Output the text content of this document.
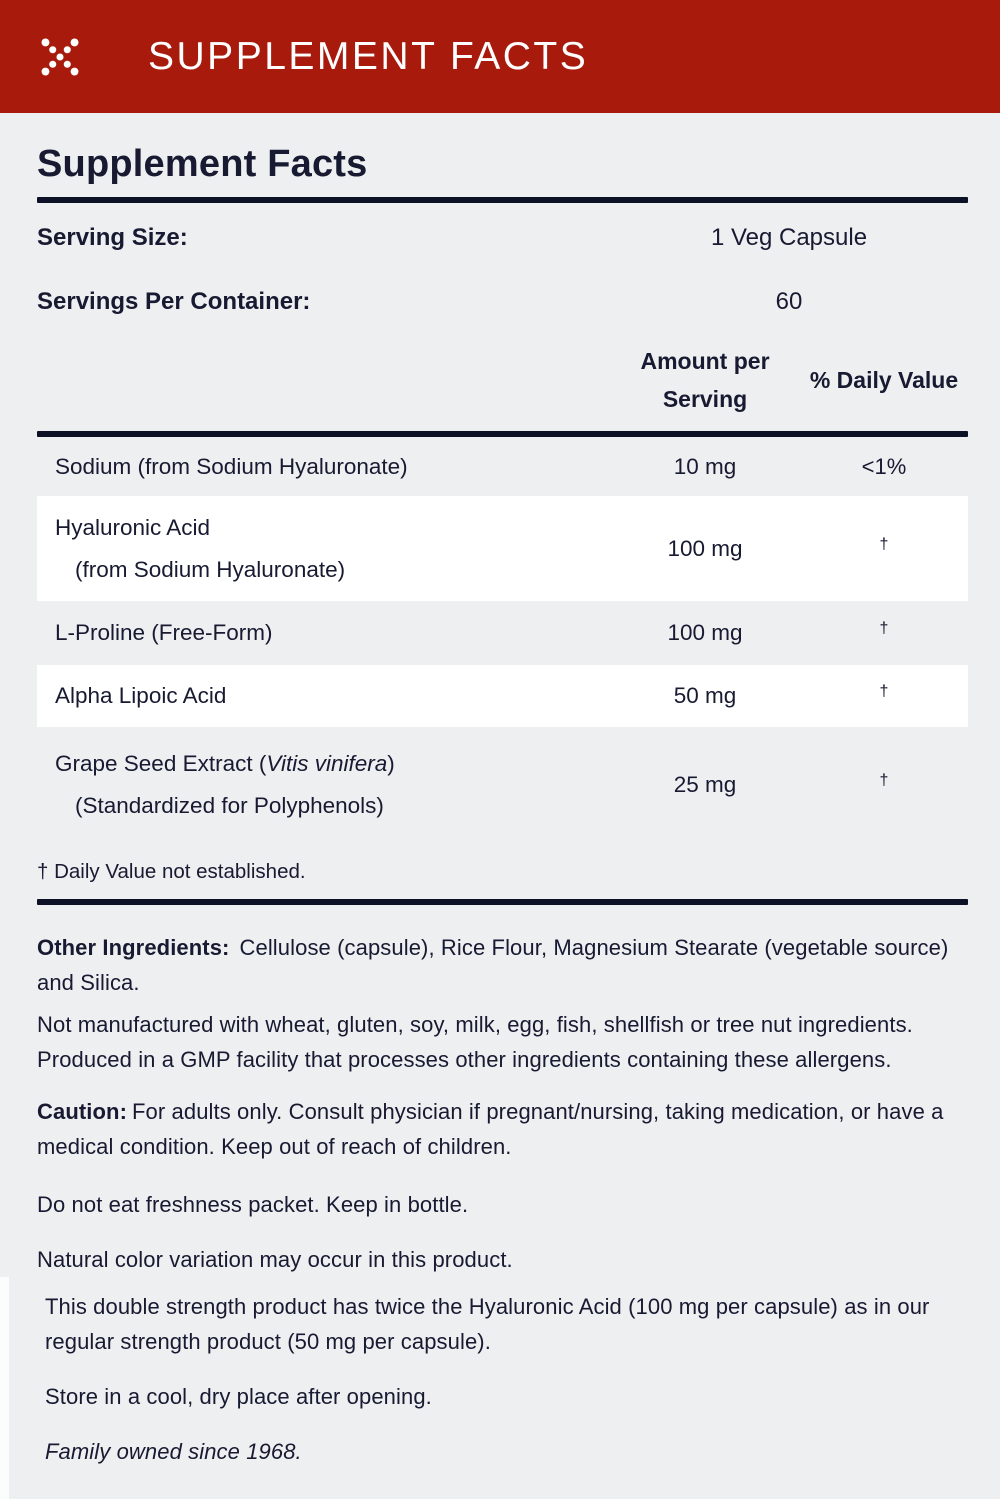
SUPPLEMENT FACTS
Supplement Facts
Serving Size:	1 Veg Capsule
Servings Per Container:	60
Amount per
Serving
% Daily Value
Sodium (from Sodium Hyaluronate)	10 mg	<1%
Hyaluronic Acid
(from Sodium Hyaluronate)
100 mg	†
L-Proline (Free-Form)	100 mg	†
Alpha Lipoic Acid	50 mg	†
Grape Seed Extract (Vitis vinifera)
(Standardized for Polyphenols)
25 mg	†
† Daily Value not established.

Other Ingredients: Cellulose (capsule), Rice Flour, Magnesium Stearate (vegetable source) and Silica.

Not manufactured with wheat, gluten, soy, milk, egg, fish, shellfish or tree nut ingredients. Produced in a GMP facility that processes other ingredients containing these allergens.

Caution: For adults only. Consult physician if pregnant/nursing, taking medication, or have a medical condition. Keep out of reach of children.

Do not eat freshness packet. Keep in bottle.

Natural color variation may occur in this product.

This double strength product has twice the Hyaluronic Acid (100 mg per capsule) as in our regular strength product (50 mg per capsule).

Store in a cool, dry place after opening.

Family owned since 1968.
